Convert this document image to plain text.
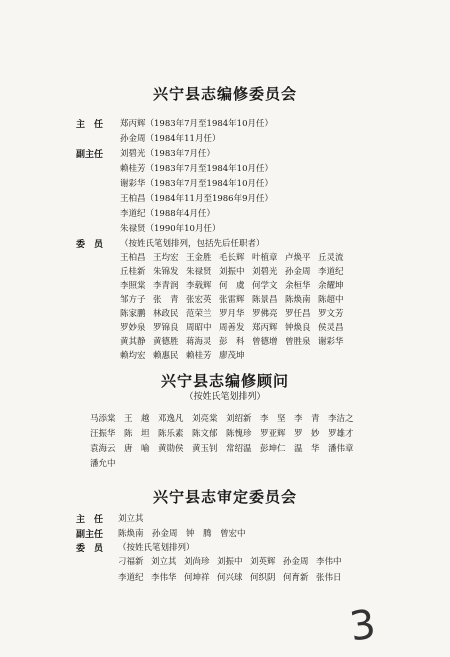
兴宁县志编修委员会
主　任 郑丙辉（1983年7月至1984年10月任）
孙金周（1984年11月任）
副主任 刘碧光（1983年7月任）
赖桂芳（1983年7月至1984年10月任）
谢彩华（1983年7月至1984年10月任）
王柏昌（1984年11月至1986年9月任）
李道纪（1988年4月任）
朱禄贤（1990年10月任）
委　员 （按姓氏笔划排列，包括先后任职者）
王柏昌 王均宏 王金胜 毛长辉 叶植章 卢焕平 丘灵流
丘桂新 朱锦发 朱禄贤 刘振中 刘碧光 孙金周 李道纪
李照棠 李青润 李载辉 何　虞 何学文 余桓华 余耀坤
邹方子 张　青 张宏英 张雷辉 陈景昌 陈焕南 陈超中
陈家鹏 林政民 范荣兰 罗月华 罗佛亮 罗任昌 罗文芳
罗妙泉 罗锦良 周昭中 周善发 郑丙辉 钟焕良 侯灵昌
黄其静 黄德胜 蒋海灵 彭　科 曾德增 曾胜泉 谢彩华
赖均宏 赖惠民 赖桂芳 廖茂坤
兴宁县志编修顾问
（按姓氏笔划排列）
马添棠 王　越 邓逸凡 刘亮棠 刘绍新 李　坚 李　青 李洁之
汪振华 陈　坦 陈乐素 陈文郁 陈愧珍 罗亚辉 罗　妙 罗雄才
袁海云 唐　喻 黄勋侯 黄玉钊 常绍温 彭坤仁 温　华 潘伟章
潘允中
兴宁县志审定委员会
主　任 刘立其
副主任 陈焕南　孙金周　钟　腾　曾宏中
委　员 （按姓氏笔划排列）
刁福新 刘立其 刘尚珍 刘振中 刘英辉 孙金周 李伟中
李道纪 李伟华 何坤祥 何兴球 何织阴 何育新 张伟日
3
